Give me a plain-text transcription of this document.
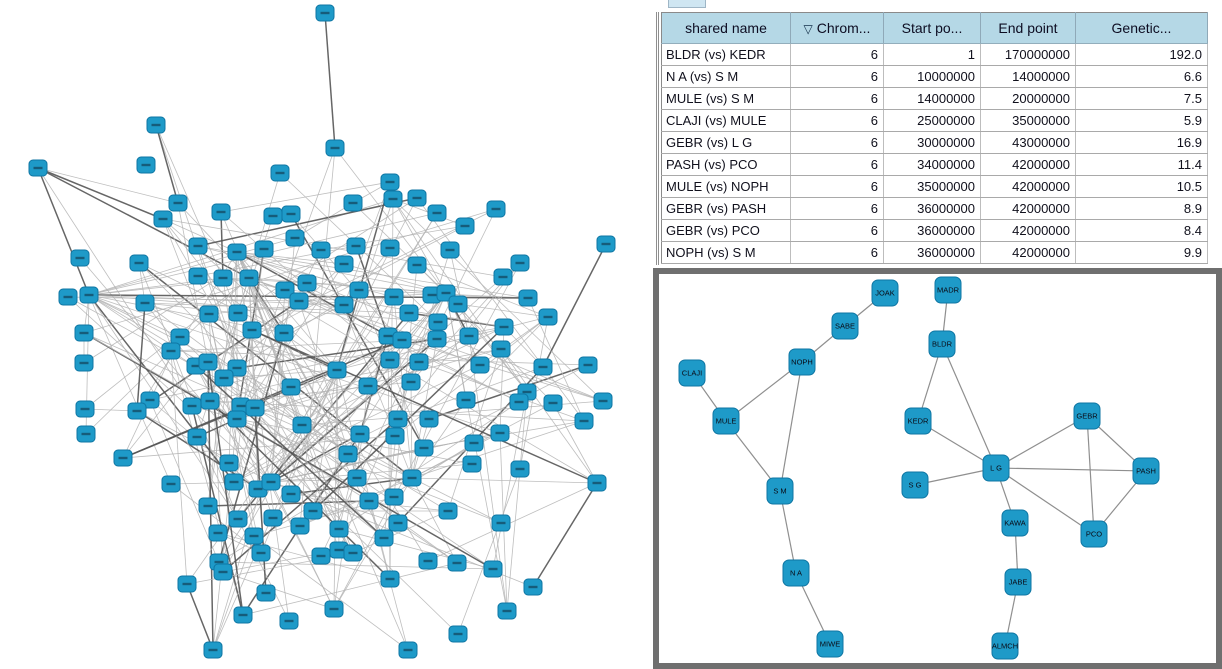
shared name	▽ Chrom...	Start po...	End point	Genetic...
BLDR (vs) KEDR	6	1	170000000	192.0
N A (vs) S M	6	10000000	14000000	6.6
MULE (vs) S M	6	14000000	20000000	7.5
CLAJI (vs) MULE	6	25000000	35000000	5.9
GEBR (vs) L G	6	30000000	43000000	16.9
PASH (vs) PCO	6	34000000	42000000	11.4
MULE (vs) NOPH	6	35000000	42000000	10.5
GEBR (vs) PASH	6	36000000	42000000	8.9
GEBR (vs) PCO	6	36000000	42000000	8.4
NOPH (vs) S M	6	36000000	42000000	9.9
JOAK	MADR
SABE
BLDR
NOPH
CLAJI
MULE	KEDR
GEBR
L G
S G
PASH
S M
KAWA
PCO
N A
JABE
ALMCH
MIWE
